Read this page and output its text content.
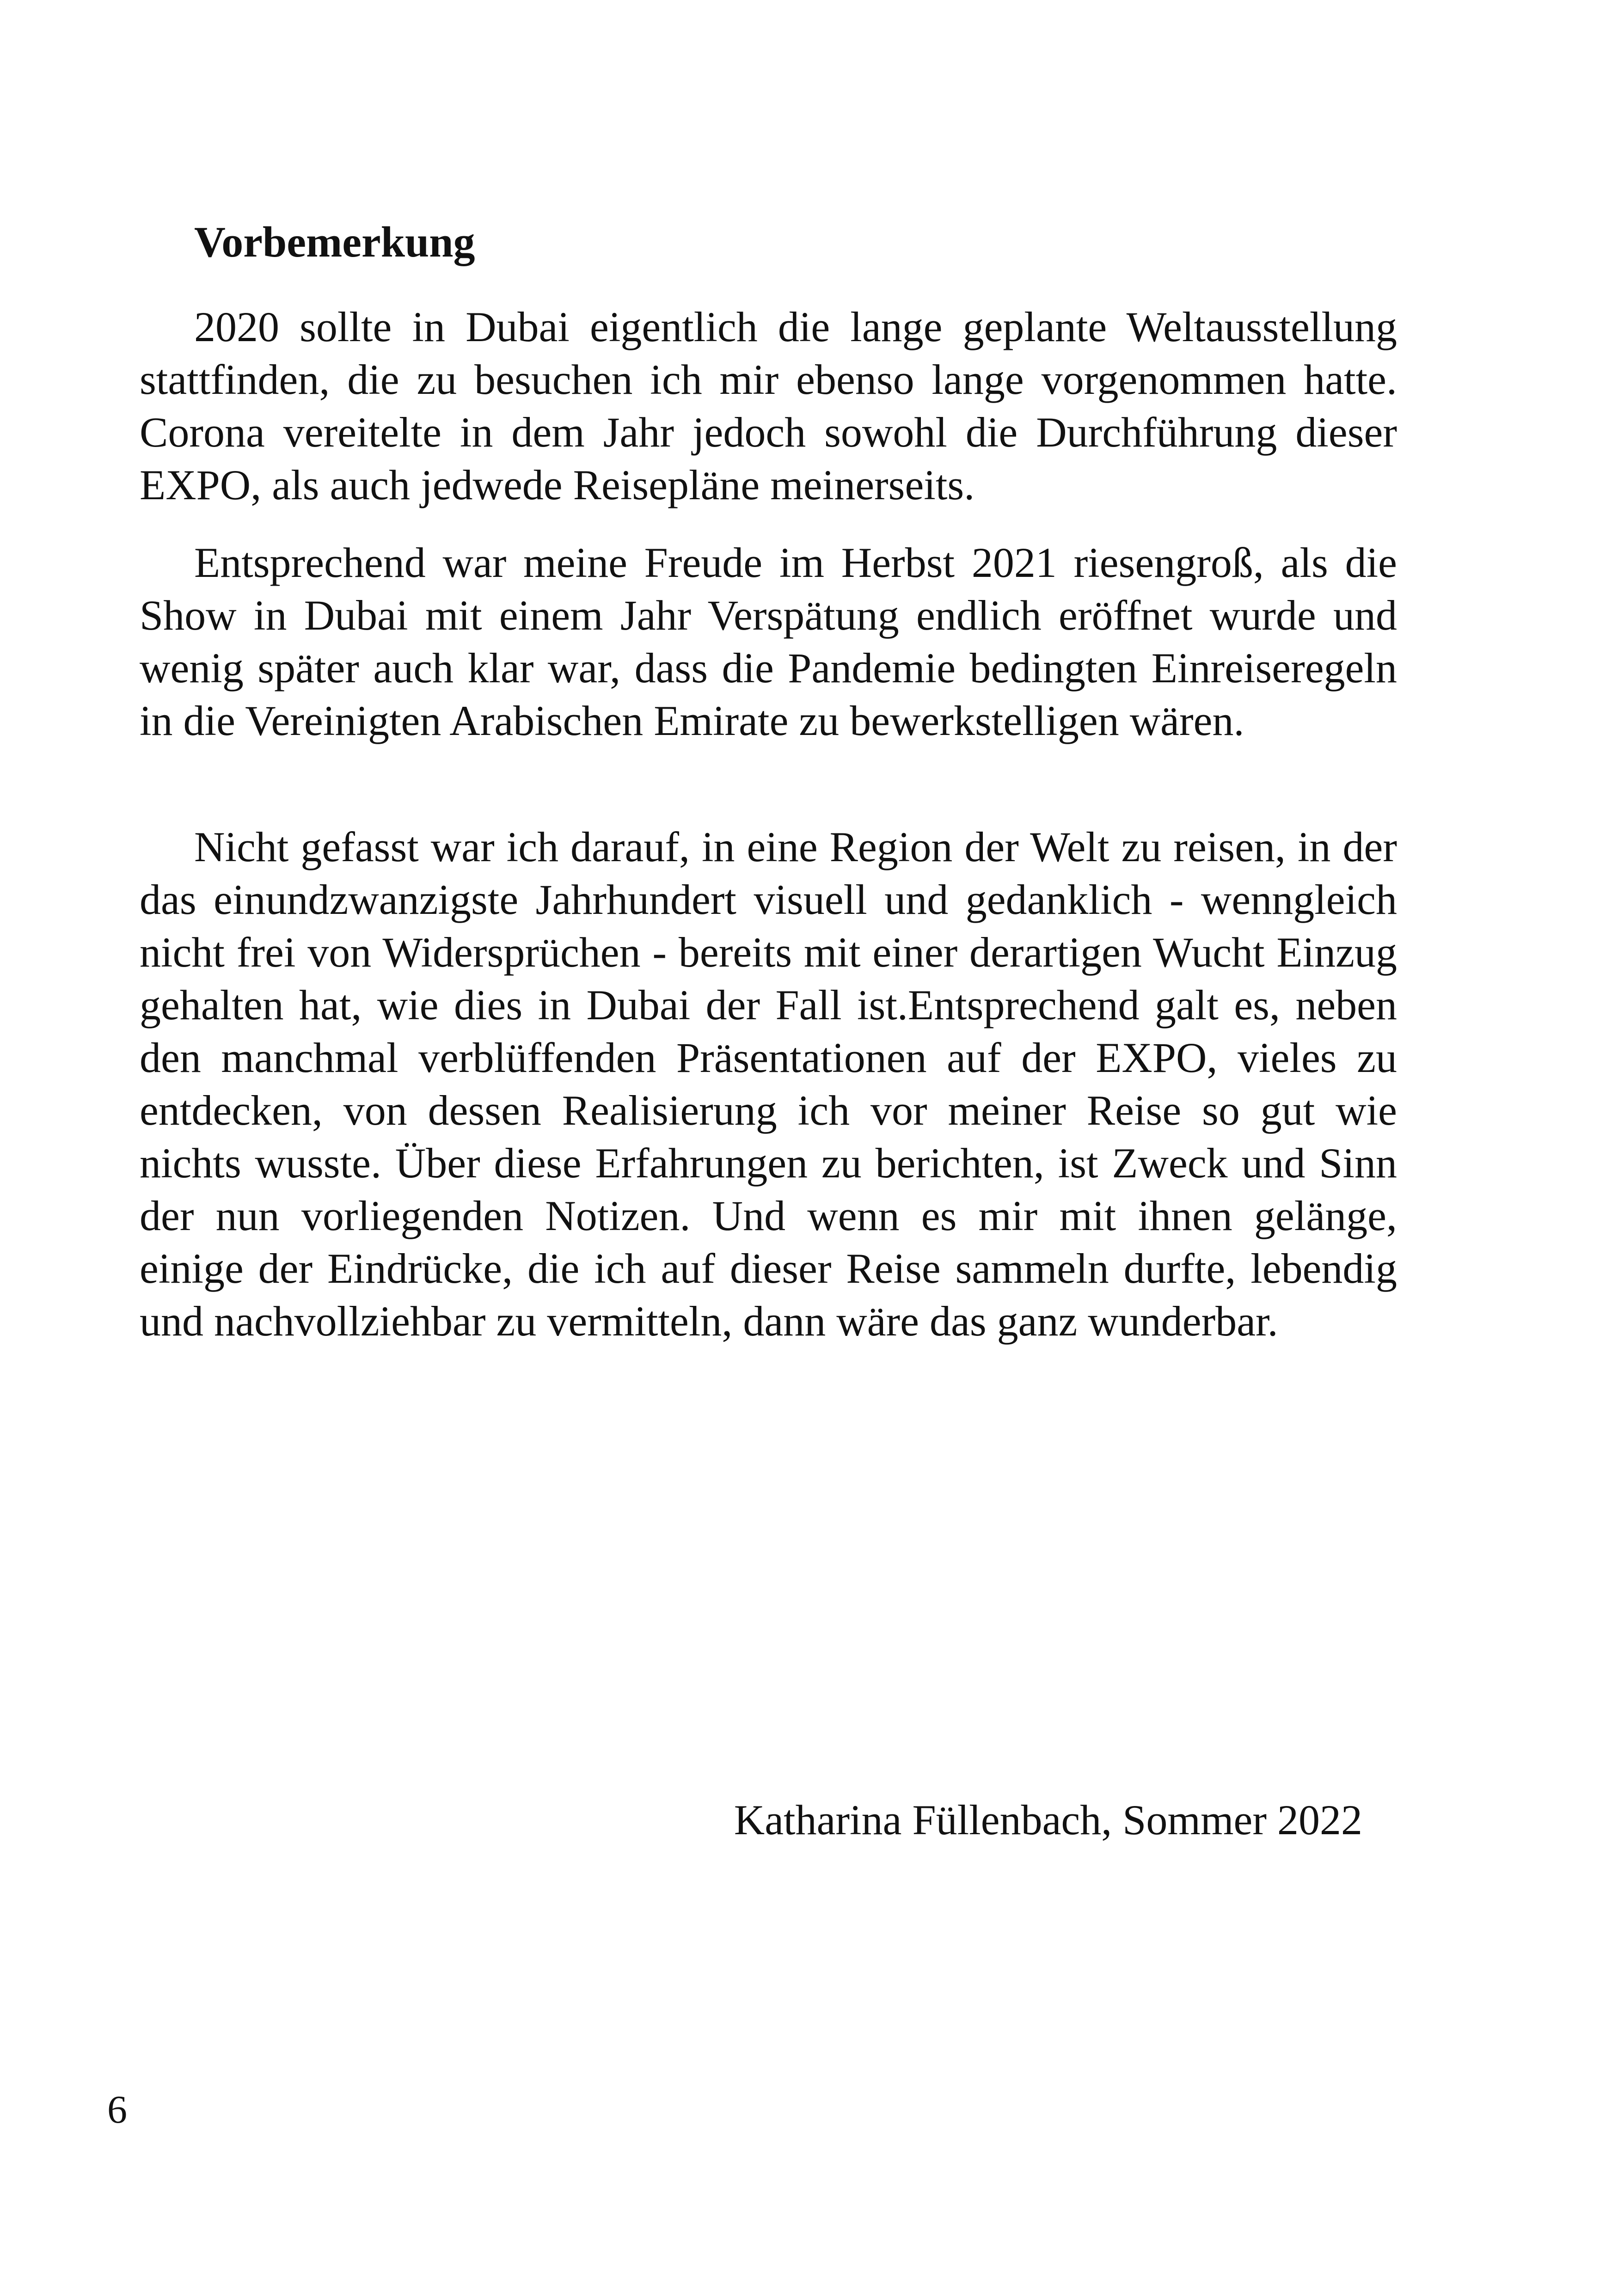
Vorbemerkung

2020 sollte in Dubai eigentlich die lange geplante Weltausstellung stattfinden, die zu besuchen ich mir ebenso lange vorgenommen hatte. Corona vereitelte in dem Jahr jedoch sowohl die Durchführung dieser EXPO, als auch jedwede Reisepläne meinerseits.

Entsprechend war meine Freude im Herbst 2021 riesengroß, als die Show in Dubai mit einem Jahr Verspätung endlich eröffnet wurde und wenig später auch klar war, dass die Pandemie bedingten Einreiseregeln in die Vereinigten Arabischen Emirate zu bewerkstelligen wären.

Nicht gefasst war ich darauf, in eine Region der Welt zu reisen, in der das einundzwanzigste Jahrhundert visuell und gedanklich - wenngleich nicht frei von Widersprüchen - bereits mit einer derartigen Wucht Einzug gehalten hat, wie dies in Dubai der Fall ist.Entsprechend galt es, neben den manchmal verblüffenden Präsentationen auf der EXPO, vieles zu entdecken, von dessen Realisierung ich vor meiner Reise so gut wie nichts wusste. Über diese Erfahrungen zu berichten, ist Zweck und Sinn der nun vorliegenden Notizen. Und wenn es mir mit ihnen gelänge, einige der Eindrücke, die ich auf dieser Reise sammeln durfte, lebendig und nachvollziehbar zu vermitteln, dann wäre das ganz wunderbar.

Katharina Füllenbach, Sommer 2022

6
